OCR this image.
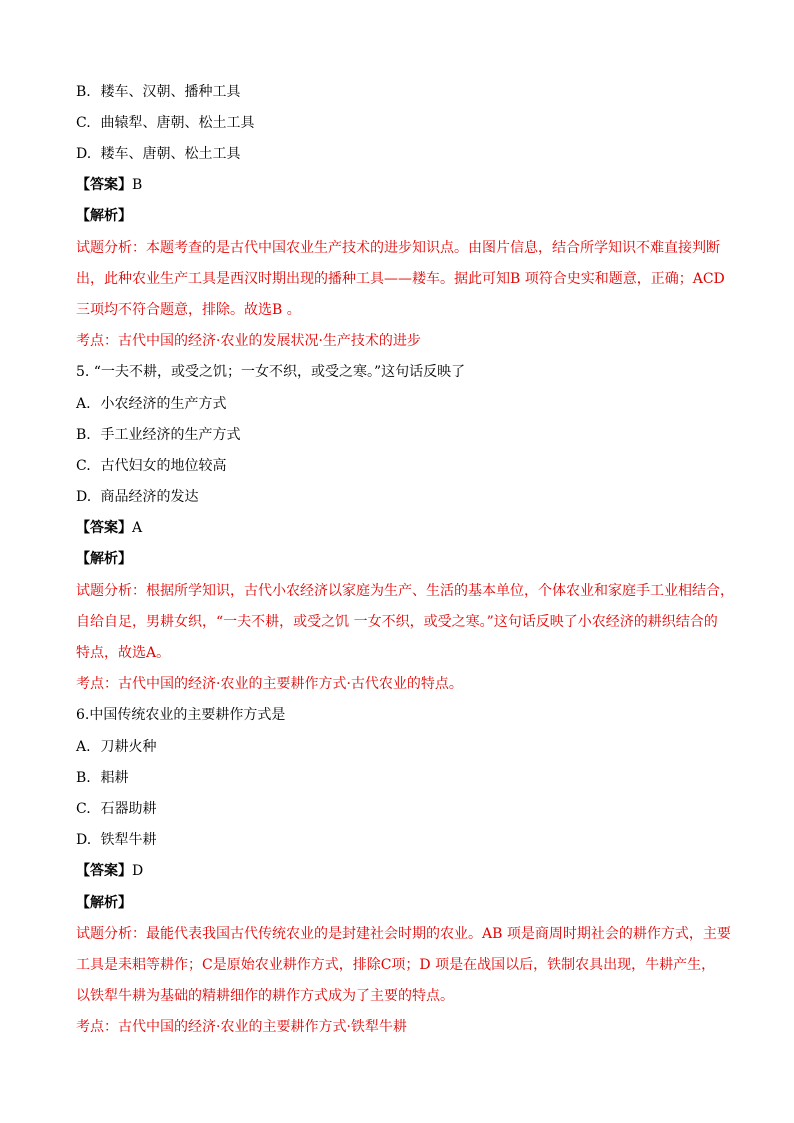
B. 耧车、汉朝、播种工具
C. 曲辕犁、唐朝、松土工具
D. 耧车、唐朝、松土工具
【答案】B
【解析】
试题分析：本题考查的是古代中国农业生产技术的进步知识点。由图片信息，结合所学知识不难直接判断
出，此种农业生产工具是西汉时期出现的播种工具——耧车。据此可知B 项符合史实和题意，正确；ACD
三项均不符合题意，排除。故选B 。
考点：古代中国的经济·农业的发展状况·生产技术的进步
5. “一夫不耕，或受之饥；一女不织，或受之寒。”这句话反映了
A. 小农经济的生产方式
B. 手工业经济的生产方式
C. 古代妇女的地位较高
D. 商品经济的发达
【答案】A
【解析】
试题分析：根据所学知识，古代小农经济以家庭为生产、生活的基本单位，个体农业和家庭手工业相结合，
自给自足，男耕女织，“一夫不耕，或受之饥 一女不织，或受之寒。”这句话反映了小农经济的耕织结合的
特点，故选A。
考点：古代中国的经济·农业的主要耕作方式·古代农业的特点。
6.中国传统农业的主要耕作方式是
A. 刀耕火种
B. 耜耕
C. 石器助耕
D. 铁犁牛耕
【答案】D
【解析】
试题分析：最能代表我国古代传统农业的是封建社会时期的农业。AB 项是商周时期社会的耕作方式，主要
工具是耒耜等耕作；C是原始农业耕作方式，排除C项；D 项是在战国以后，铁制农具出现，牛耕产生，
以铁犁牛耕为基础的精耕细作的耕作方式成为了主要的特点。
考点：古代中国的经济·农业的主要耕作方式·铁犁牛耕
